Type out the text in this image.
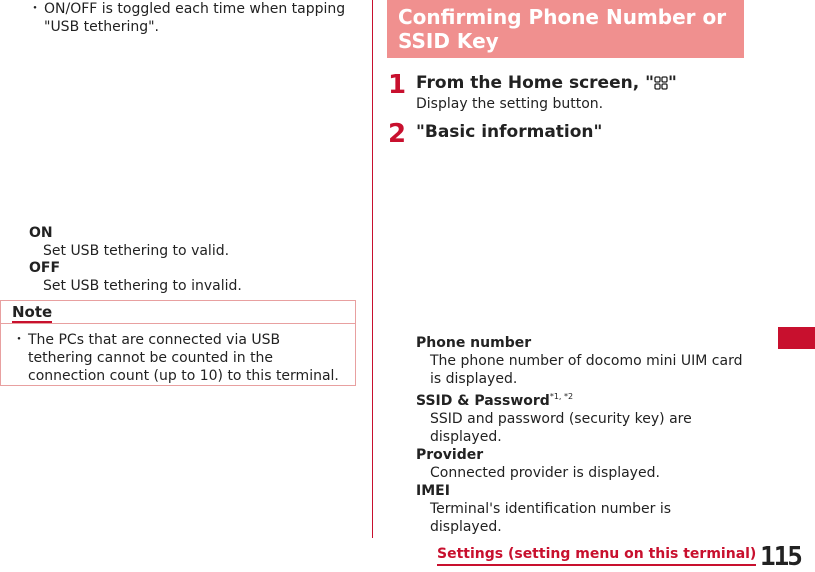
・ ON/OFF is toggled each time when tapping "USB tethering".
ON
Set USB tethering to valid.
OFF
Set USB tethering to invalid.
Note
・ The PCs that are connected via USB tethering cannot be counted in the connection count (up to 10) to this terminal.
Confirming Phone Number or SSID Key
1 From the Home screen, " "
Display the setting button.
2 "Basic information"
Phone number
The phone number of docomo mini UIM card is displayed.
SSID & Password$^{*1, *2}$
SSID and password (security key) are displayed.
Provider
Connected provider is displayed.
IMEI
Terminal's identification number is displayed.
Settings (setting menu on this terminal) 115
